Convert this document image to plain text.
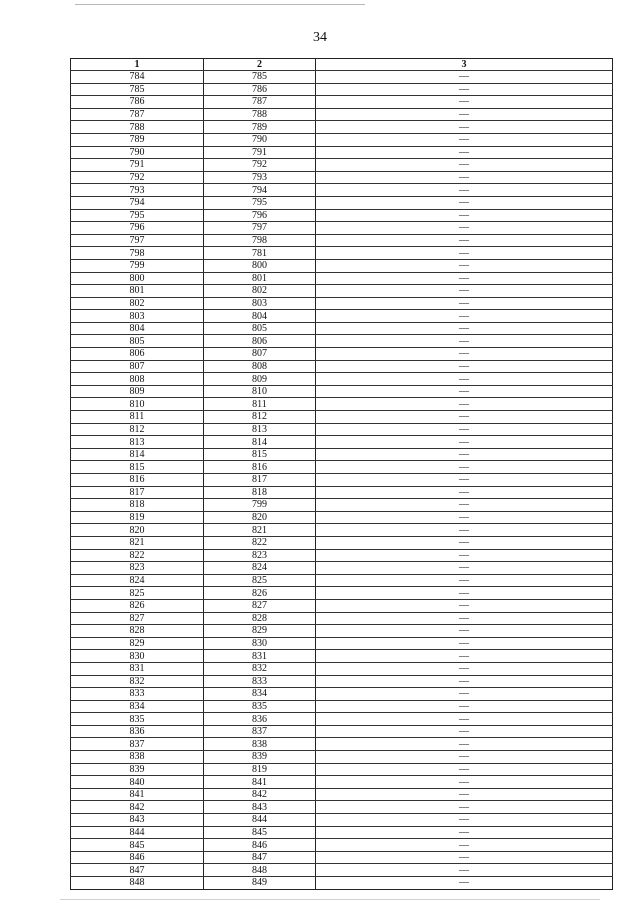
34
1	2	3
784	785	—
785	786	—
786	787	—
787	788	—
788	789	—
789	790	—
790	791	—
791	792	—
792	793	—
793	794	—
794	795	—
795	796	—
796	797	—
797	798	—
798	781	—
799	800	—
800	801	—
801	802	—
802	803	—
803	804	—
804	805	—
805	806	—
806	807	—
807	808	—
808	809	—
809	810	—
810	811	—
811	812	—
812	813	—
813	814	—
814	815	—
815	816	—
816	817	—
817	818	—
818	799	—
819	820	—
820	821	—
821	822	—
822	823	—
823	824	—
824	825	—
825	826	—
826	827	—
827	828	—
828	829	—
829	830	—
830	831	—
831	832	—
832	833	—
833	834	—
834	835	—
835	836	—
836	837	—
837	838	—
838	839	—
839	819	—
840	841	—
841	842	—
842	843	—
843	844	—
844	845	—
845	846	—
846	847	—
847	848	—
848	849	—
